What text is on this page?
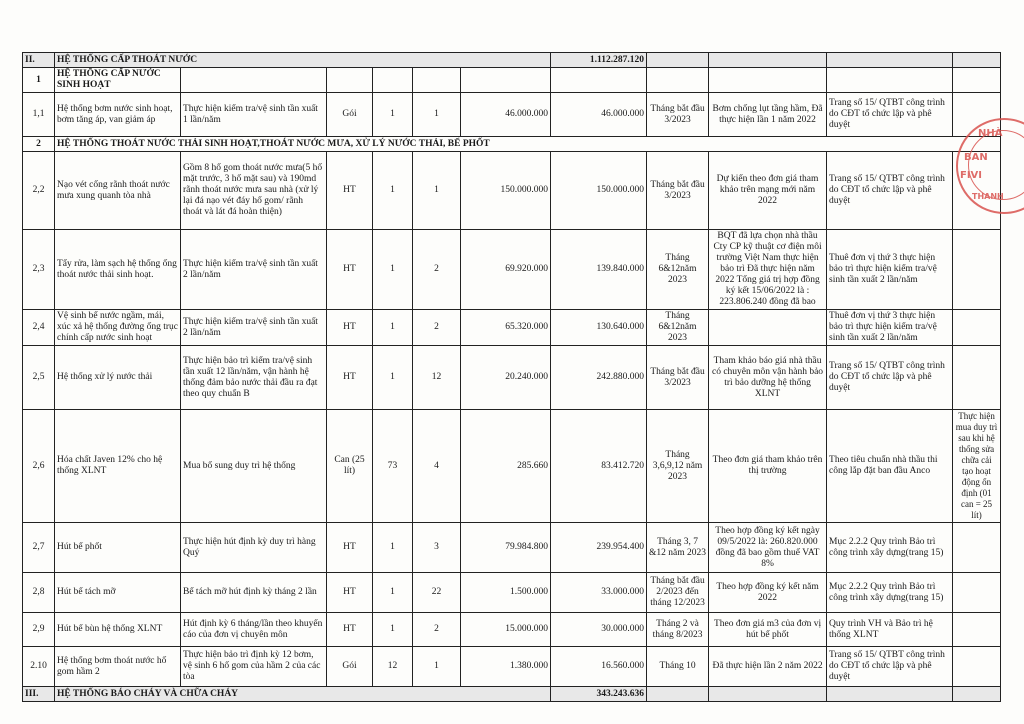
II.	HỆ THỐNG CẤP THOÁT NƯỚC						1.112.287.120				
1	HỆ THỐNG CẤP NƯỚC SINH HOẠT										
1,1	Hệ thống bơm nước sinh hoạt, bơm tăng áp, van giảm áp	Thực hiện kiểm tra/vệ sinh tần xuất 1 lần/năm	Gói	1	1	46.000.000	46.000.000	Tháng bắt đầu 3/2023	Bơm chống lụt tầng hầm, Đã thực hiện lần 1 năm 2022	Trang số 15/ QTBT công trình do CĐT tổ chức lập và phê duyệt	
2	HỆ THỐNG THOÁT NƯỚC THẢI SINH HOẠT,THOÁT NƯỚC MƯA, XỬ LÝ NƯỚC THẢI, BỂ PHỐT										
2,2	Nạo vét cống rãnh thoát nước mưa xung quanh tòa nhà	Gồm 8 hố gom thoát nước mưa(5 hố mặt trước, 3 hố mặt sau) và 190md rãnh thoát nước mưa sau nhà (xử lý lại đá nạo vét đáy hố gom/ rãnh thoát và lát đá hoàn thiện)	HT	1	1	150.000.000	150.000.000	Tháng bắt đầu 3/2023	Dự kiến theo đơn giá tham khảo trên mạng mới năm 2022	Trang số 15/ QTBT công trình do CĐT tổ chức lập và phê duyệt	
2,3	Tẩy rửa, làm sạch hệ thống ống thoát nước thải sinh hoạt.	Thực hiện kiểm tra/vệ sinh tần xuất 2 lần/năm	HT	1	2	69.920.000	139.840.000	Tháng 6&12năm 2023	BQT đã lựa chọn nhà thầu Cty CP kỹ thuật cơ điện môi trường Việt Nam thực hiện bảo trì Đã thực hiện năm 2022 Tổng giá trị hợp đồng ký kết 15/06/2022 là : 223.806.240 đồng đã bao	Thuê đơn vị thứ 3 thực hiện bảo trì thực hiện kiểm tra/vệ sinh tần xuất 2 lần/năm	
2,4	Vệ sinh bể nước ngầm, mái, xúc xả hệ thống đường ống trục chính cấp nước sinh hoạt	Thực hiện kiểm tra/vệ sinh tần xuất 2 lần/năm	HT	1	2	65.320.000	130.640.000	Tháng 6&12năm 2023		Thuê đơn vị thứ 3 thực hiện bảo trì thực hiện kiểm tra/vệ sinh tần xuất 2 lần/năm	
2,5	Hệ thống xử lý nước thải	Thực hiện bảo trì kiểm tra/vệ sinh tần xuất 12 lần/năm, vận hành hệ thống đảm bảo nước thải đầu ra đạt theo quy chuẩn B	HT	1	12	20.240.000	242.880.000	Tháng bắt đầu 3/2023	Tham khảo báo giá nhà thầu có chuyên môn vận hành bảo trì bảo dưỡng hệ thống XLNT	Trang số 15/ QTBT công trình do CĐT tổ chức lập và phê duyệt	
2,6	Hóa chất Javen 12% cho hệ thống XLNT	Mua bổ sung duy trì hệ thống	Can (25 lít)	73	4	285.660	83.412.720	Tháng 3,6,9,12 năm 2023	Theo đơn giá tham khảo trên thị trường	Theo tiêu chuẩn nhà thầu thi công lắp đặt ban đầu Anco	Thực hiện mua duy trì sau khi hệ thống sửa chữa cải tạo hoạt động ổn định (01 can = 25 lít)
2,7	Hút bể phốt	Thực hiện hút định kỳ duy trì hàng Quý	HT	1	3	79.984.800	239.954.400	Tháng 3, 7 &12 năm 2023	Theo hợp đồng ký kết ngày 09/5/2022 là: 260.820.000 đồng đã bao gồm thuế VAT 8%	Mục 2.2.2 Quy trình Bảo trì công trình xây dựng(trang 15)	
2,8	Hút bể tách mỡ	Bể tách mỡ hút định kỳ tháng 2 lần	HT	1	22	1.500.000	33.000.000	Tháng bắt đầu 2/2023 đến tháng 12/2023	Theo hợp đồng ký kết năm 2022	Mục 2.2.2 Quy trình Bảo trì công trình xây dựng(trang 15)	
2,9	Hút bể bùn hệ thống XLNT	Hút định kỳ 6 tháng/lần theo khuyến cáo của đơn vị chuyên môn	HT	1	2	15.000.000	30.000.000	Tháng 2 và tháng 8/2023	Theo đơn giá m3 của đơn vị hút bể phốt	Quy trình VH và Bảo trì hệ thống XLNT	
2.10	Hệ thống bơm thoát nước hố gom hầm 2	Thực hiện bảo trì định kỳ 12 bơm, vệ sinh 6 hố gom của hầm 2 của các tòa	Gói	12	1	1.380.000	16.560.000	Tháng 10	Đã thực hiện lần 2 năm 2022	Trang số 15/ QTBT công trình do CĐT tổ chức lập và phê duyệt	
III.	HỆ THỐNG BÁO CHÁY VÀ CHỮA CHÁY						343.243.636				
NHÀ
BAN
FIVI
THANH
